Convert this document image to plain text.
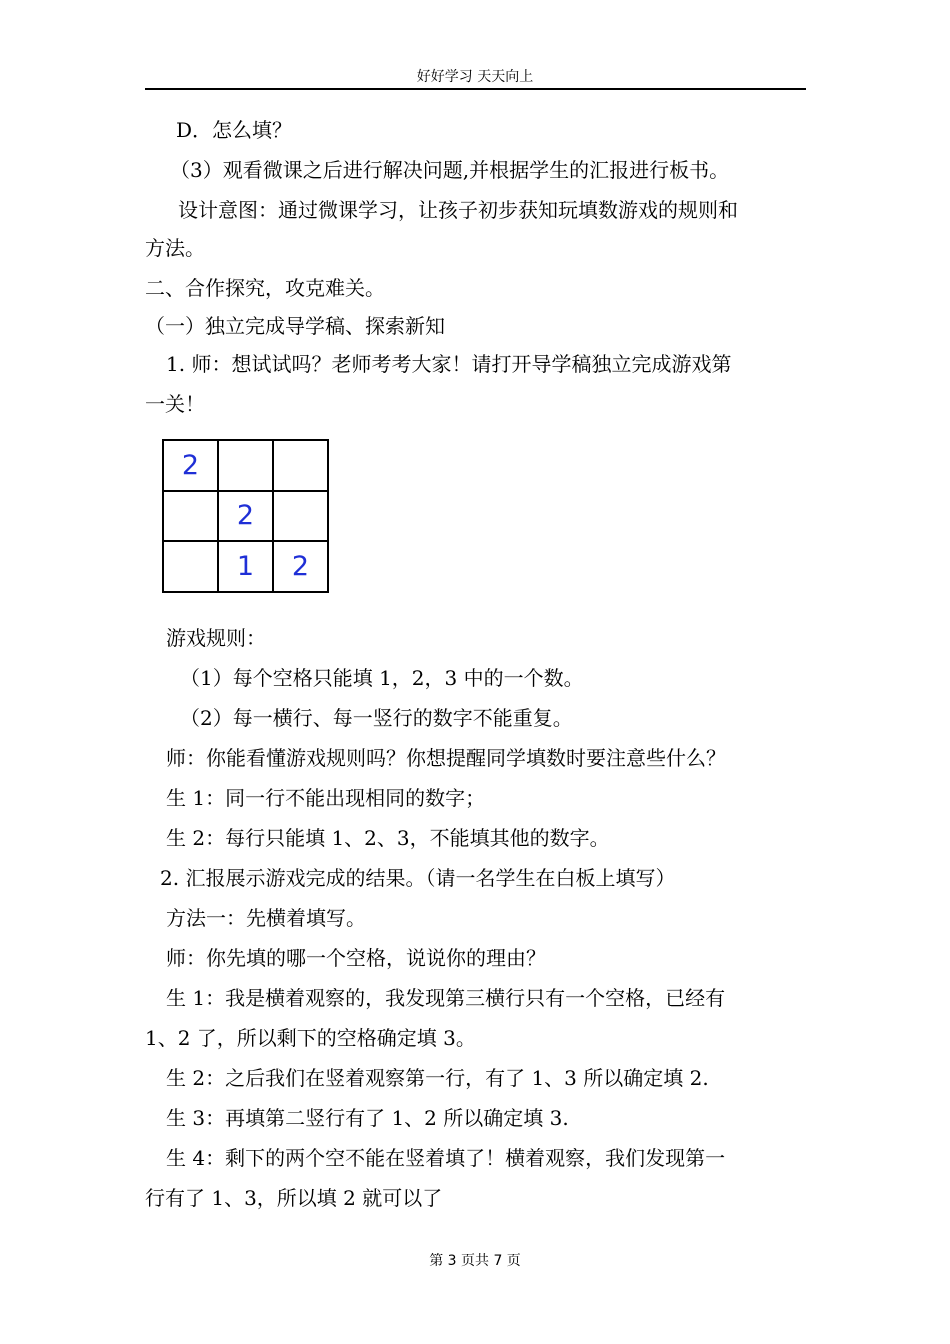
好好学习 天天向上
D．怎么填？
（3）观看微课之后进行解决问题,并根据学生的汇报进行板书。
设计意图：通过微课学习，让孩子初步获知玩填数游戏的规则和
方法。
二、合作探究，攻克难关。
（一）独立完成导学稿、探索新知
1. 师：想试试吗？老师考考大家！请打开导学稿独立完成游戏第
一关！
2		
	2	
	1	2
游戏规则：
（1）每个空格只能填 1，2，3 中的一个数。
（2）每一横行、每一竖行的数字不能重复。
师：你能看懂游戏规则吗？你想提醒同学填数时要注意些什么？
生 1：同一行不能出现相同的数字；
生 2：每行只能填 1、2、3，不能填其他的数字。
2. 汇报展示游戏完成的结果。（请一名学生在白板上填写）
方法一：先横着填写。
师：你先填的哪一个空格，说说你的理由？
生 1：我是横着观察的，我发现第三横行只有一个空格，已经有
1、2 了，所以剩下的空格确定填 3。
生 2：之后我们在竖着观察第一行，有了 1、3 所以确定填 2.
生 3：再填第二竖行有了 1、2 所以确定填 3.
生 4：剩下的两个空不能在竖着填了！横着观察，我们发现第一
行有了 1、3，所以填 2 就可以了
第 3 页共 7 页
